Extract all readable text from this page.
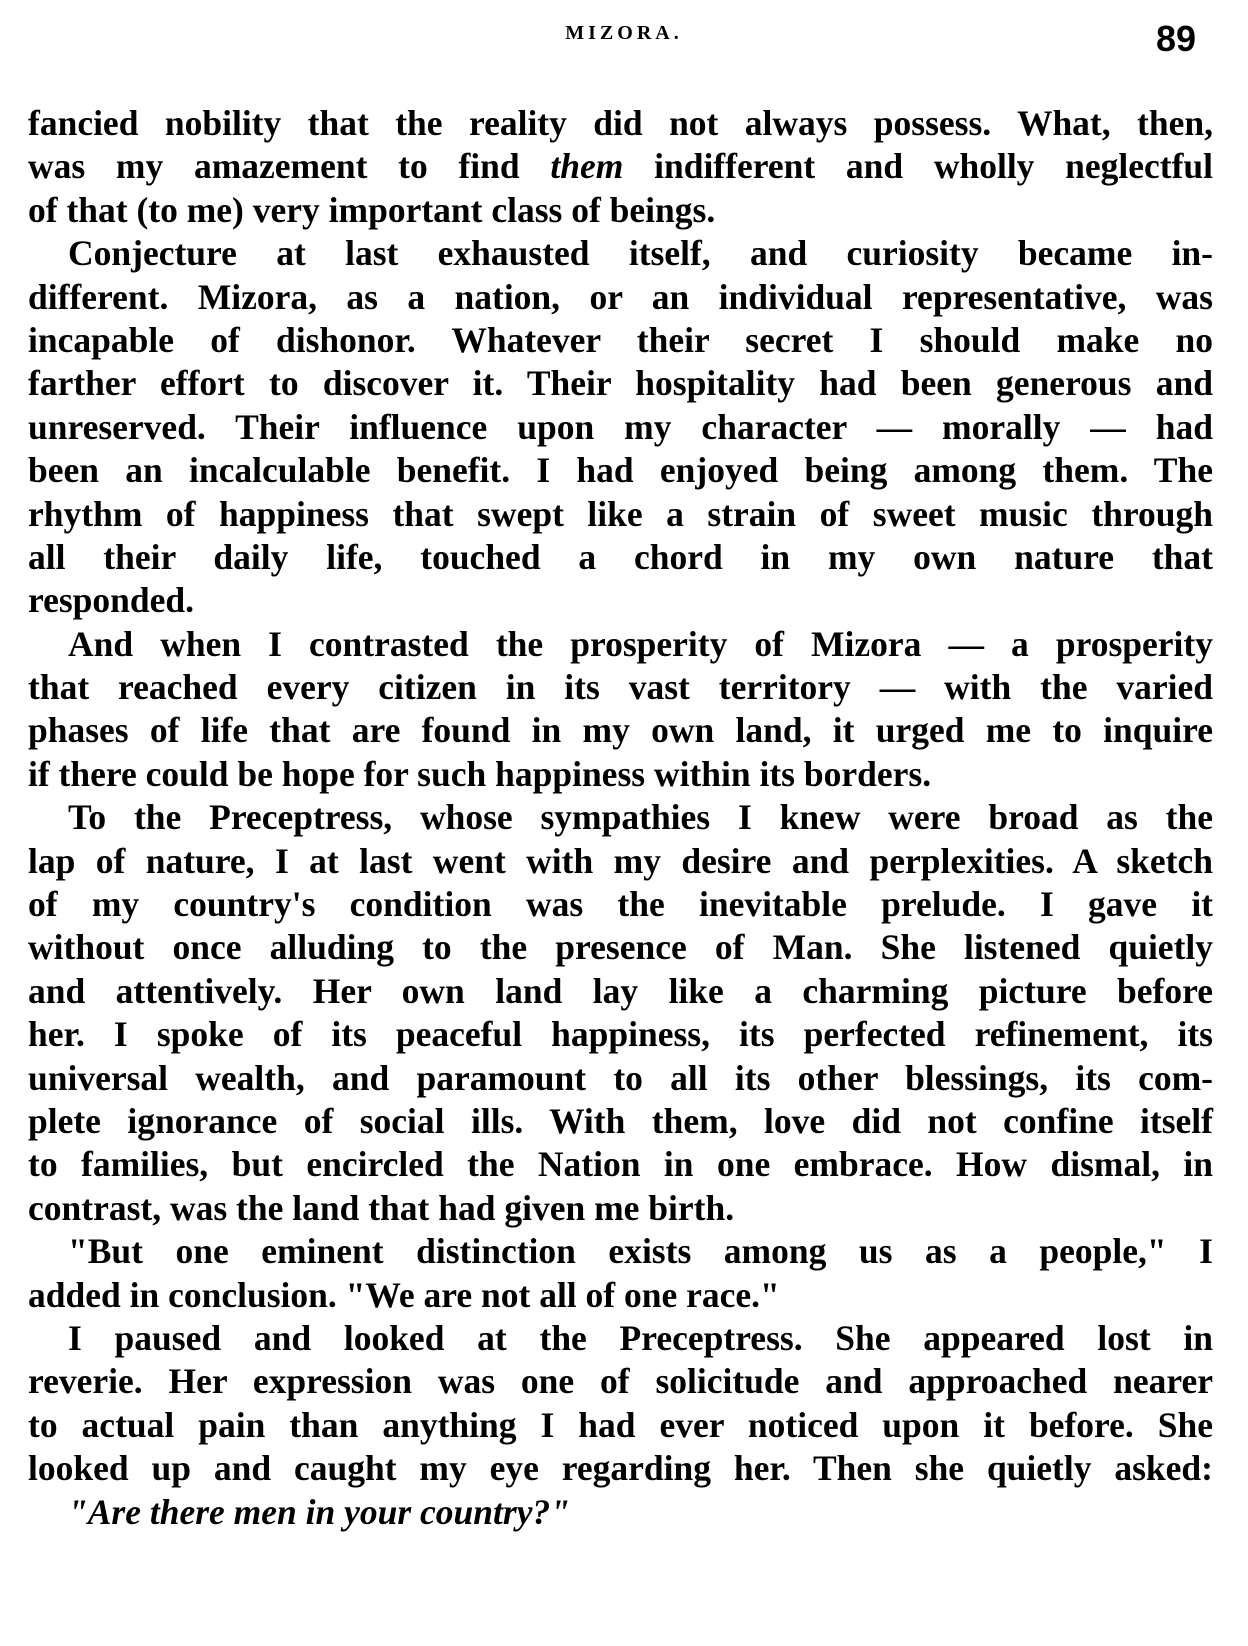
MIZORA.	89
fancied nobility that the reality did not always possess. What, then,
was my amazement to find them indifferent and wholly neglectful
of that (to me) very important class of beings.
Conjecture at last exhausted itself, and curiosity became in-
different. Mizora, as a nation, or an individual representative, was
incapable of dishonor. Whatever their secret I should make no
farther effort to discover it. Their hospitality had been generous and
unreserved. Their influence upon my character — morally — had
been an incalculable benefit. I had enjoyed being among them. The
rhythm of happiness that swept like a strain of sweet music through
all their daily life, touched a chord in my own nature that
responded.
And when I contrasted the prosperity of Mizora — a prosperity
that reached every citizen in its vast territory — with the varied
phases of life that are found in my own land, it urged me to inquire
if there could be hope for such happiness within its borders.
To the Preceptress, whose sympathies I knew were broad as the
lap of nature, I at last went with my desire and perplexities. A sketch
of my country's condition was the inevitable prelude. I gave it
without once alluding to the presence of Man. She listened quietly
and attentively. Her own land lay like a charming picture before
her. I spoke of its peaceful happiness, its perfected refinement, its
universal wealth, and paramount to all its other blessings, its com-
plete ignorance of social ills. With them, love did not confine itself
to families, but encircled the Nation in one embrace. How dismal, in
contrast, was the land that had given me birth.
"But one eminent distinction exists among us as a people," I
added in conclusion. "We are not all of one race."
I paused and looked at the Preceptress. She appeared lost in
reverie. Her expression was one of solicitude and approached nearer
to actual pain than anything I had ever noticed upon it before. She
looked up and caught my eye regarding her. Then she quietly asked:
"Are there men in your country?"
